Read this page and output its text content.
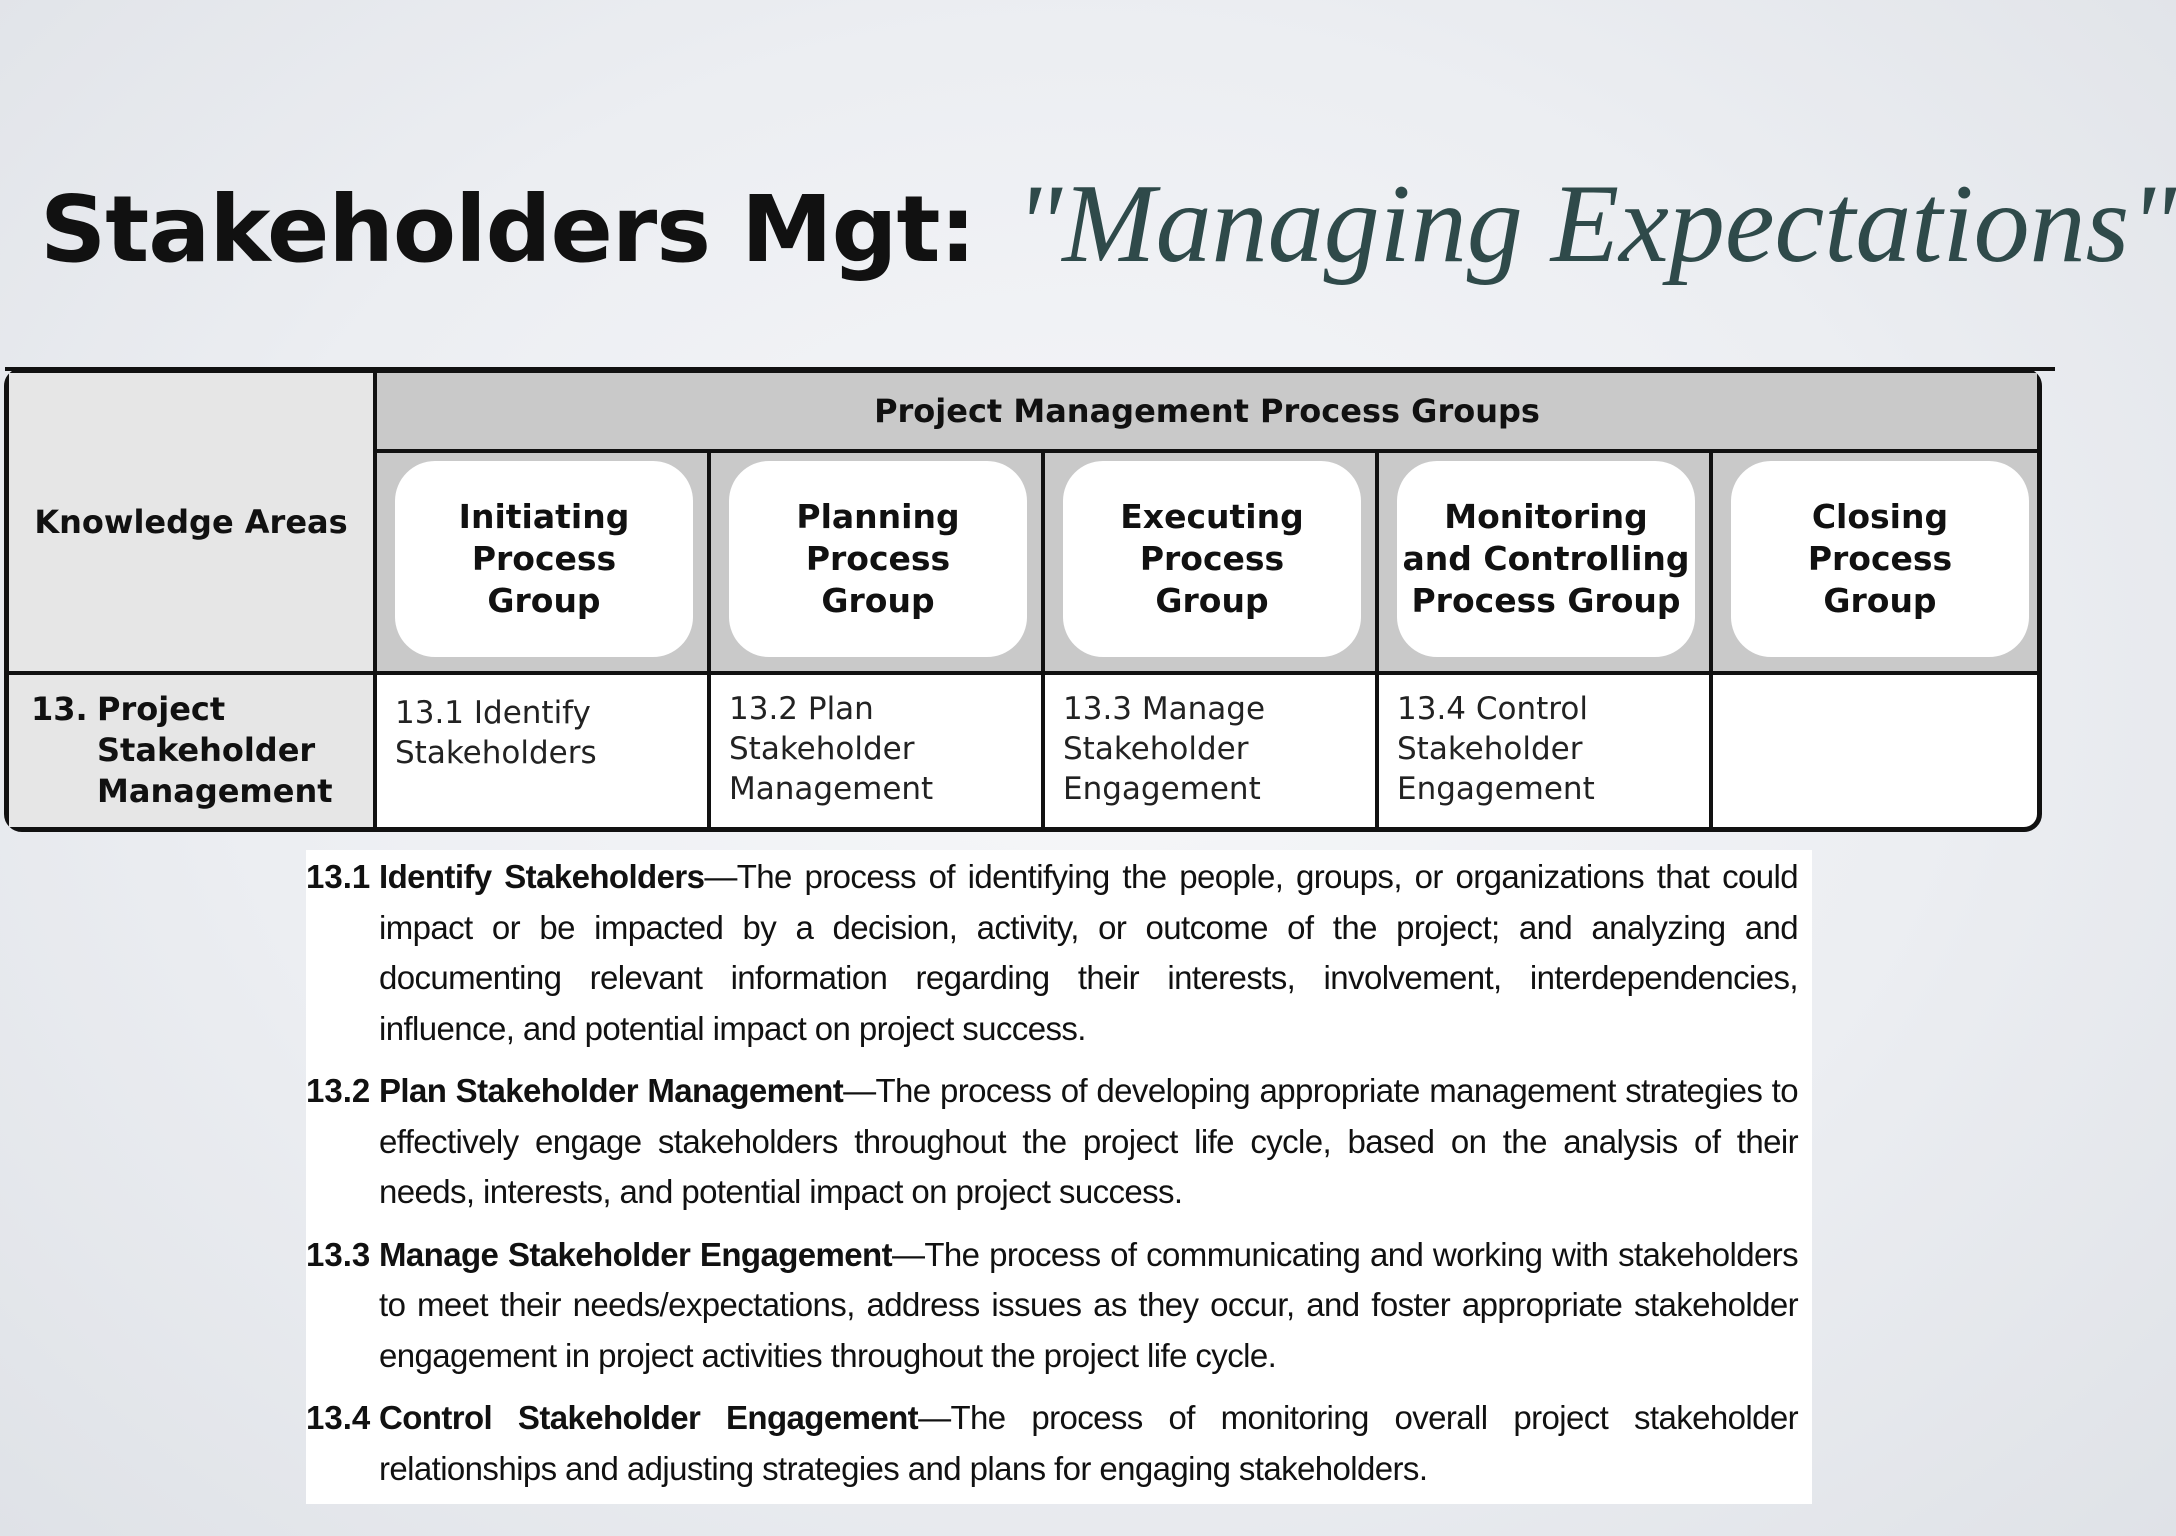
Stakeholders Mgt: "Managing Expectations"
Knowledge Areas
Project Management Process Groups
Initiating
Process
Group
Planning
Process
Group
Executing
Process
Group
Monitoring
and Controlling
Process Group
Closing
Process
Group
13. Project Stakeholder Management
13.1 Identify Stakeholders
13.2 Plan Stakeholder Management
13.3 Manage Stakeholder Engagement
13.4 Control Stakeholder Engagement
13.1 Identify Stakeholders—The process of identifying the people, groups, or organizations that could impact or be impacted by a decision, activity, or outcome of the project; and analyzing and documenting relevant information regarding their interests, involvement, interdependencies, influence, and potential impact on project success.
13.2 Plan Stakeholder Management—The process of developing appropriate management strategies to effectively engage stakeholders throughout the project life cycle, based on the analysis of their needs, interests, and potential impact on project success.
13.3 Manage Stakeholder Engagement—The process of communicating and working with stakeholders to meet their needs/expectations, address issues as they occur, and foster appropriate stakeholder engagement in project activities throughout the project life cycle.
13.4 Control Stakeholder Engagement—The process of monitoring overall project stakeholder relationships and adjusting strategies and plans for engaging stakeholders.
